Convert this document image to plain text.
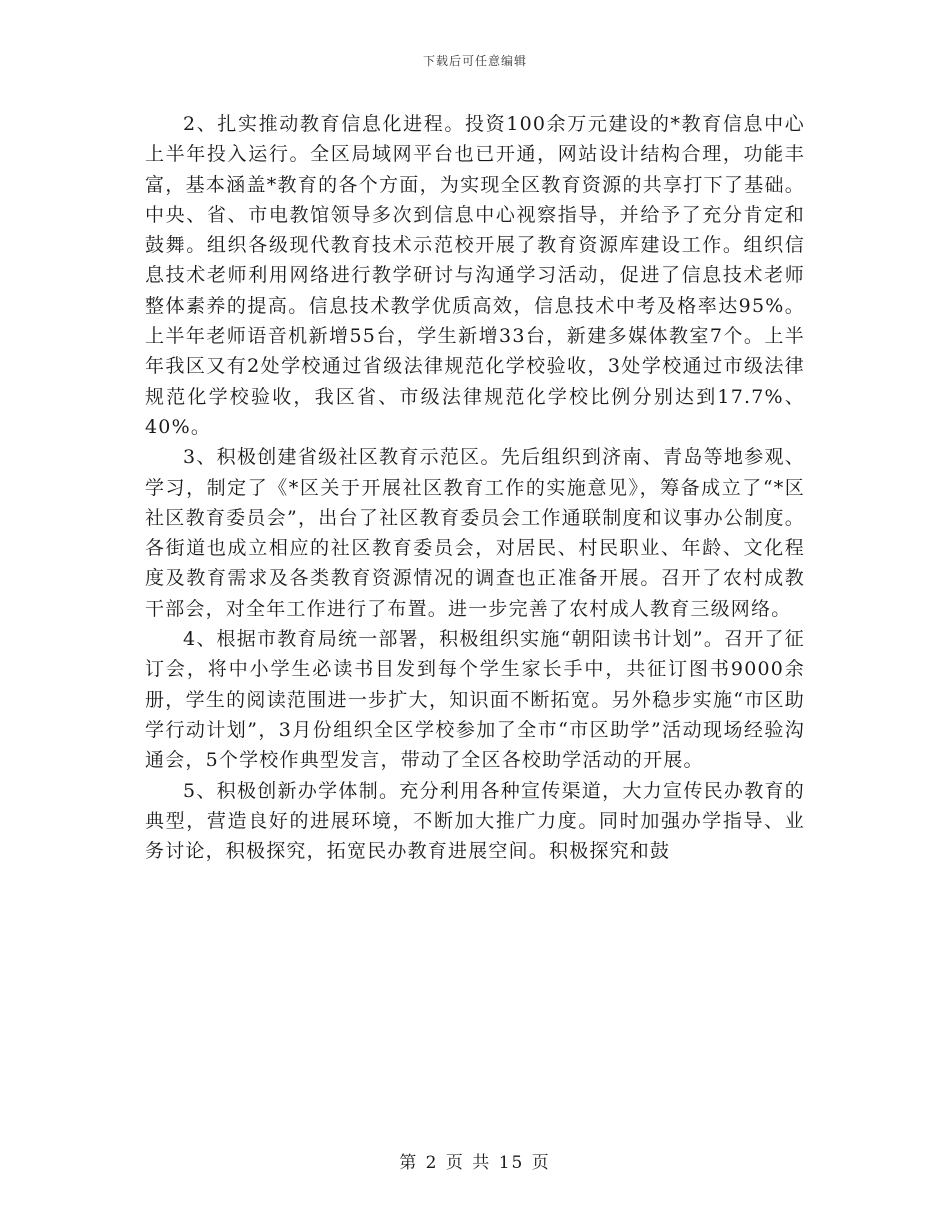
下载后可任意编辑

2、扎实推动教育信息化进程。投资100余万元建设的*教育信息中心上半年投入运行。全区局域网平台也已开通，网站设计结构合理，功能丰富，基本涵盖*教育的各个方面，为实现全区教育资源的共享打下了基础。中央、省、市电教馆领导多次到信息中心视察指导，并给予了充分肯定和鼓舞。组织各级现代教育技术示范校开展了教育资源库建设工作。组织信息技术老师利用网络进行教学研讨与沟通学习活动，促进了信息技术老师整体素养的提高。信息技术教学优质高效，信息技术中考及格率达95%。上半年老师语音机新增55台，学生新增33台，新建多媒体教室7个。上半年我区又有2处学校通过省级法律规范化学校验收，3处学校通过市级法律规范化学校验收，我区省、市级法律规范化学校比例分别达到17.7%、40%。

3、积极创建省级社区教育示范区。先后组织到济南、青岛等地参观、学习，制定了《*区关于开展社区教育工作的实施意见》，筹备成立了“*区社区教育委员会”，出台了社区教育委员会工作通联制度和议事办公制度。各街道也成立相应的社区教育委员会，对居民、村民职业、年龄、文化程度及教育需求及各类教育资源情况的调查也正准备开展。召开了农村成教干部会，对全年工作进行了布置。进一步完善了农村成人教育三级网络。

4、根据市教育局统一部署，积极组织实施“朝阳读书计划”。召开了征订会，将中小学生必读书目发到每个学生家长手中，共征订图书9000余册，学生的阅读范围进一步扩大，知识面不断拓宽。另外稳步实施“市区助学行动计划”，3月份组织全区学校参加了全市“市区助学”活动现场经验沟通会，5个学校作典型发言，带动了全区各校助学活动的开展。

5、积极创新办学体制。充分利用各种宣传渠道，大力宣传民办教育的典型，营造良好的进展环境，不断加大推广力度。同时加强办学指导、业务讨论，积极探究，拓宽民办教育进展空间。积极探究和鼓

第 2 页 共 15 页
